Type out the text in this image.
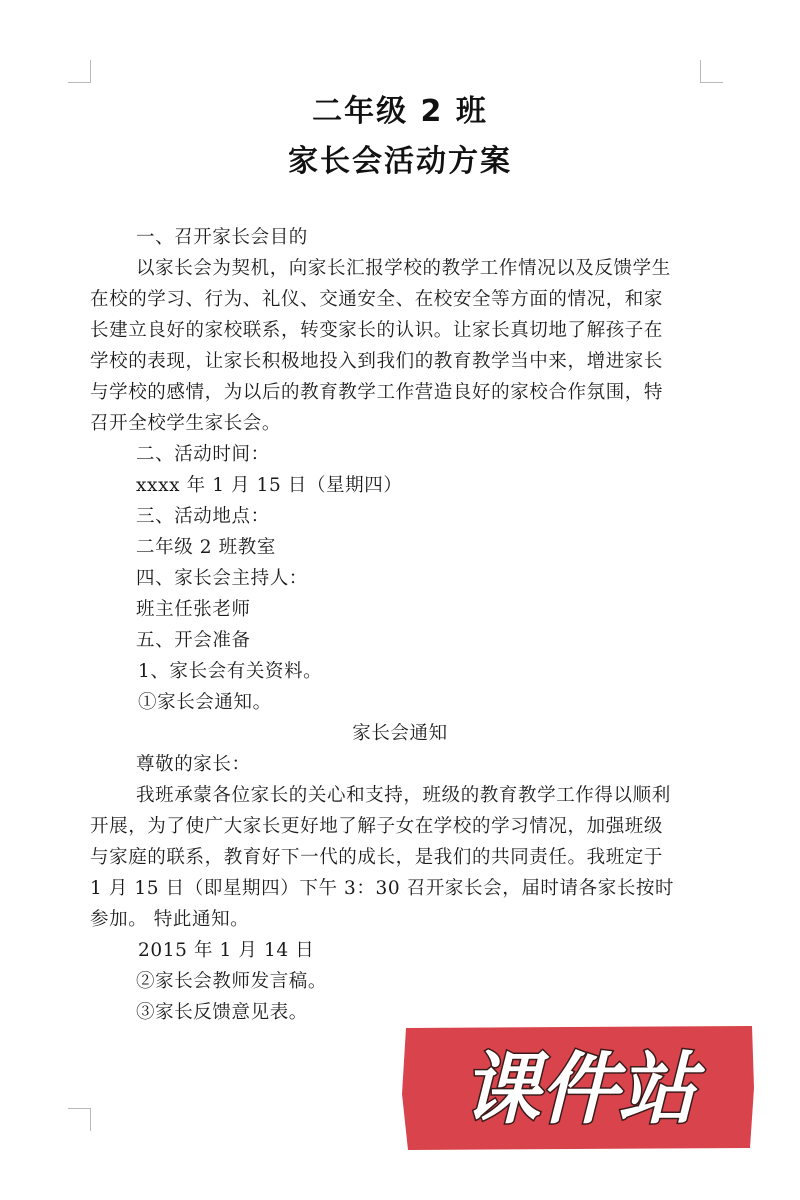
二年级 2 班
家长会活动方案
一、召开家长会目的
以家长会为契机，向家长汇报学校的教学工作情况以及反馈学生
在校的学习、行为、礼仪、交通安全、在校安全等方面的情况，和家
长建立良好的家校联系，转变家长的认识。让家长真切地了解孩子在
学校的表现，让家长积极地投入到我们的教育教学当中来，增进家长
与学校的感情，为以后的教育教学工作营造良好的家校合作氛围，特
召开全校学生家长会。
二、活动时间：
xxxx 年 1 月 15 日（星期四）
三、活动地点：
二年级 2 班教室
四、家长会主持人：
班主任张老师
五、开会准备
1、家长会有关资料。
①家长会通知。
家长会通知
尊敬的家长：
我班承蒙各位家长的关心和支持，班级的教育教学工作得以顺利
开展，为了使广大家长更好地了解子女在学校的学习情况，加强班级
与家庭的联系，教育好下一代的成长，是我们的共同责任。我班定于
1 月 15 日（即星期四）下午 3：30 召开家长会，届时请各家长按时
参加。 特此通知。
2015 年 1 月 14 日
②家长会教师发言稿。
③家长反馈意见表。
课件站
